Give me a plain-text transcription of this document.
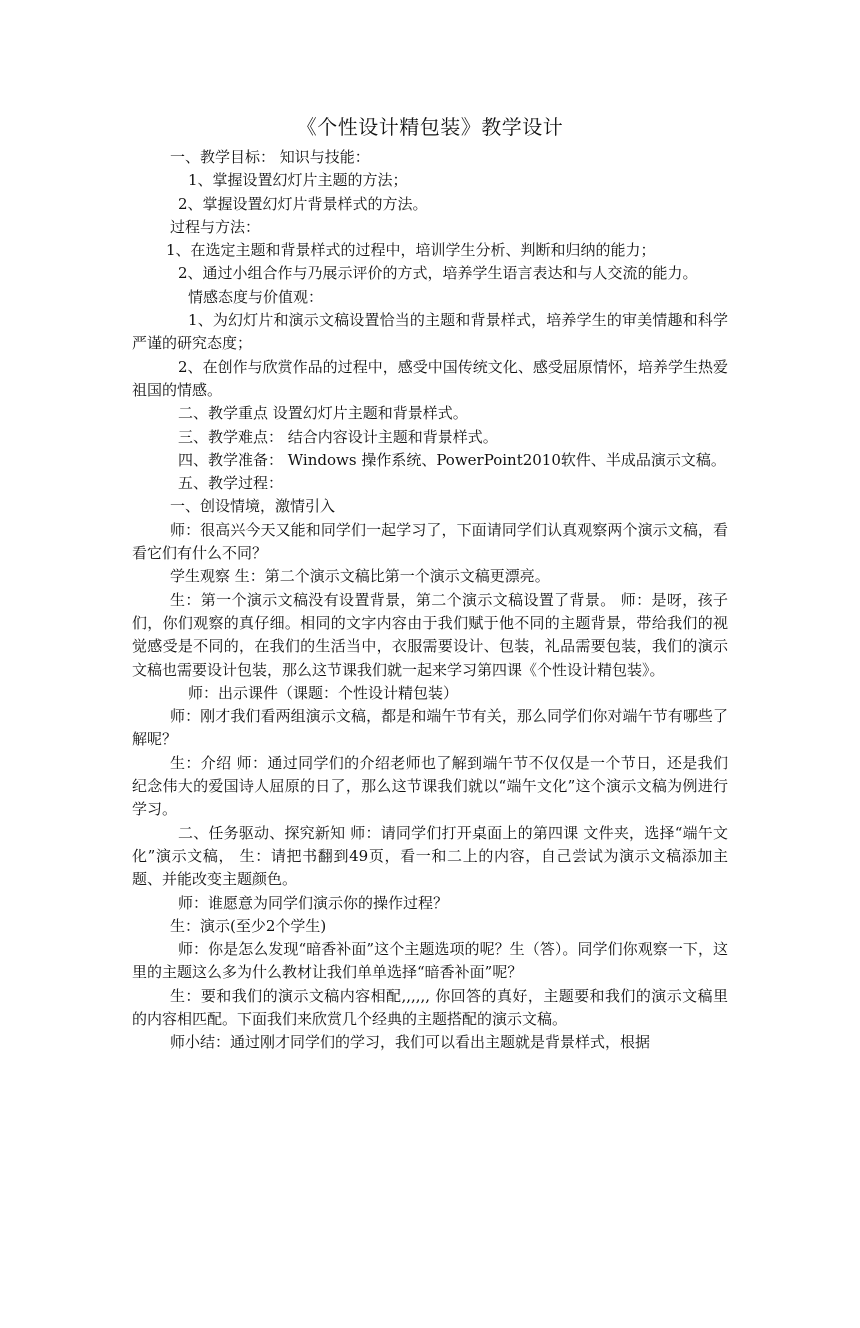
《个性设计精包装》教学设计

一、教学目标： 知识与技能：

1、掌握设置幻灯片主题的方法；

2、掌握设置幻灯片背景样式的方法。

过程与方法：

1、在选定主题和背景样式的过程中，培训学生分析、判断和归纳的能力；

2、通过小组合作与乃展示评价的方式，培养学生语言表达和与人交流的能力。

情感态度与价值观：

1、为幻灯片和演示文稿设置恰当的主题和背景样式，培养学生的审美情趣和科学严谨的研究态度；

2、在创作与欣赏作品的过程中，感受中国传统文化、感受屈原情怀，培养学生热爱祖国的情感。

二、教学重点 设置幻灯片主题和背景样式。

三、教学难点： 结合内容设计主题和背景样式。

四、教学准备： Windows 操作系统、PowerPoint2010软件、半成品演示文稿。

五、教学过程：

一、创设情境，激情引入

师：很高兴今天又能和同学们一起学习了，下面请同学们认真观察两个演示文稿，看看它们有什么不同？

学生观察 生：第二个演示文稿比第一个演示文稿更漂亮。

生：第一个演示文稿没有设置背景，第二个演示文稿设置了背景。 师：是呀，孩子们，你们观察的真仔细。相同的文字内容由于我们赋于他不同的主题背景，带给我们的视觉感受是不同的，在我们的生活当中，衣服需要设计、包装，礼品需要包装，我们的演示文稿也需要设计包装，那么这节课我们就一起来学习第四课《个性设计精包装》。

师：出示课件（课题：个性设计精包装）

师：刚才我们看两组演示文稿，都是和端午节有关，那么同学们你对端午节有哪些了解呢？

生：介绍 师：通过同学们的介绍老师也了解到端午节不仅仅是一个节日，还是我们纪念伟大的爱国诗人屈原的日了，那么这节课我们就以“端午文化”这个演示文稿为例进行学习。

二、任务驱动、探究新知 师：请同学们打开桌面上的第四课 文件夹，选择“端午文化”演示文稿， 生：请把书翻到49页，看一和二上的内容，自己尝试为演示文稿添加主题、并能改变主题颜色。

师：谁愿意为同学们演示你的操作过程？

生：演示(至少2个学生)

师：你是怎么发现“暗香补面”这个主题选项的呢？生（答）。同学们你观察一下，这里的主题这么多为什么教材让我们单单选择“暗香补面”呢？

生：要和我们的演示文稿内容相配,,,,,, 你回答的真好，主题要和我们的演示文稿里的内容相匹配。下面我们来欣赏几个经典的主题搭配的演示文稿。

师小结：通过刚才同学们的学习，我们可以看出主题就是背景样式，根据
